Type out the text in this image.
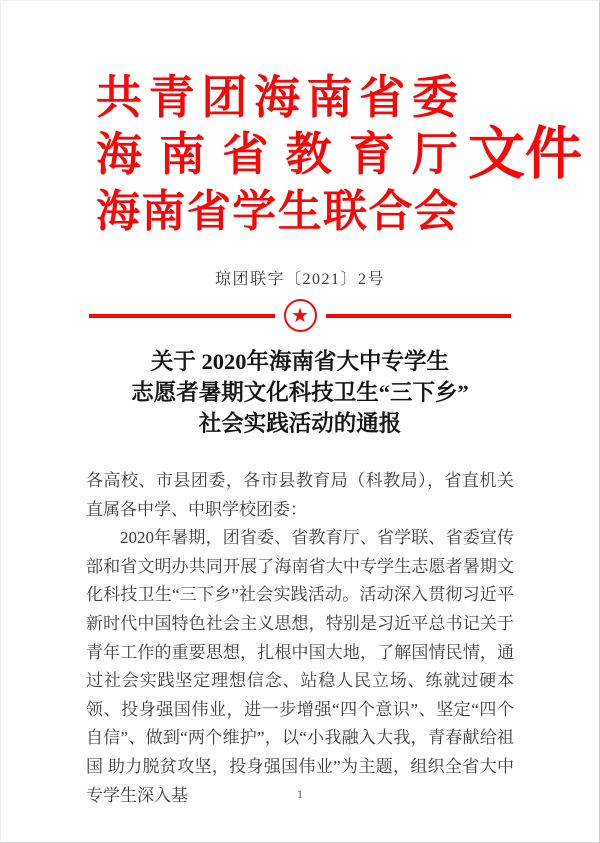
共 青 团 海 南 省 委
海 南 省 教 育 厅
海 南 省 学 生 联 合 会
文件
琼团联字〔2021〕2号
★
关于 2020年海南省大中专学生
志愿者暑期文化科技卫生“三下乡”
社会实践活动的通报
各高校、市县团委，各市县教育局（科教局），省直机关直属各中学、中职学校团委：
2020年暑期，团省委、省教育厅、省学联、省委宣传部和省文明办共同开展了海南省大中专学生志愿者暑期文化科技卫生“三下乡”社会实践活动。活动深入贯彻习近平新时代中国特色社会主义思想，特别是习近平总书记关于青年工作的重要思想，扎根中国大地，了解国情民情，通过社会实践坚定理想信念、站稳人民立场、练就过硬本领、投身强国伟业，进一步增强“四个意识”、坚定“四个自信”、做到“两个维护”，以“小我融入大我，青春献给祖国 助力脱贫攻坚，投身强国伟业”为主题，组织全省大中专学生深入基	1
